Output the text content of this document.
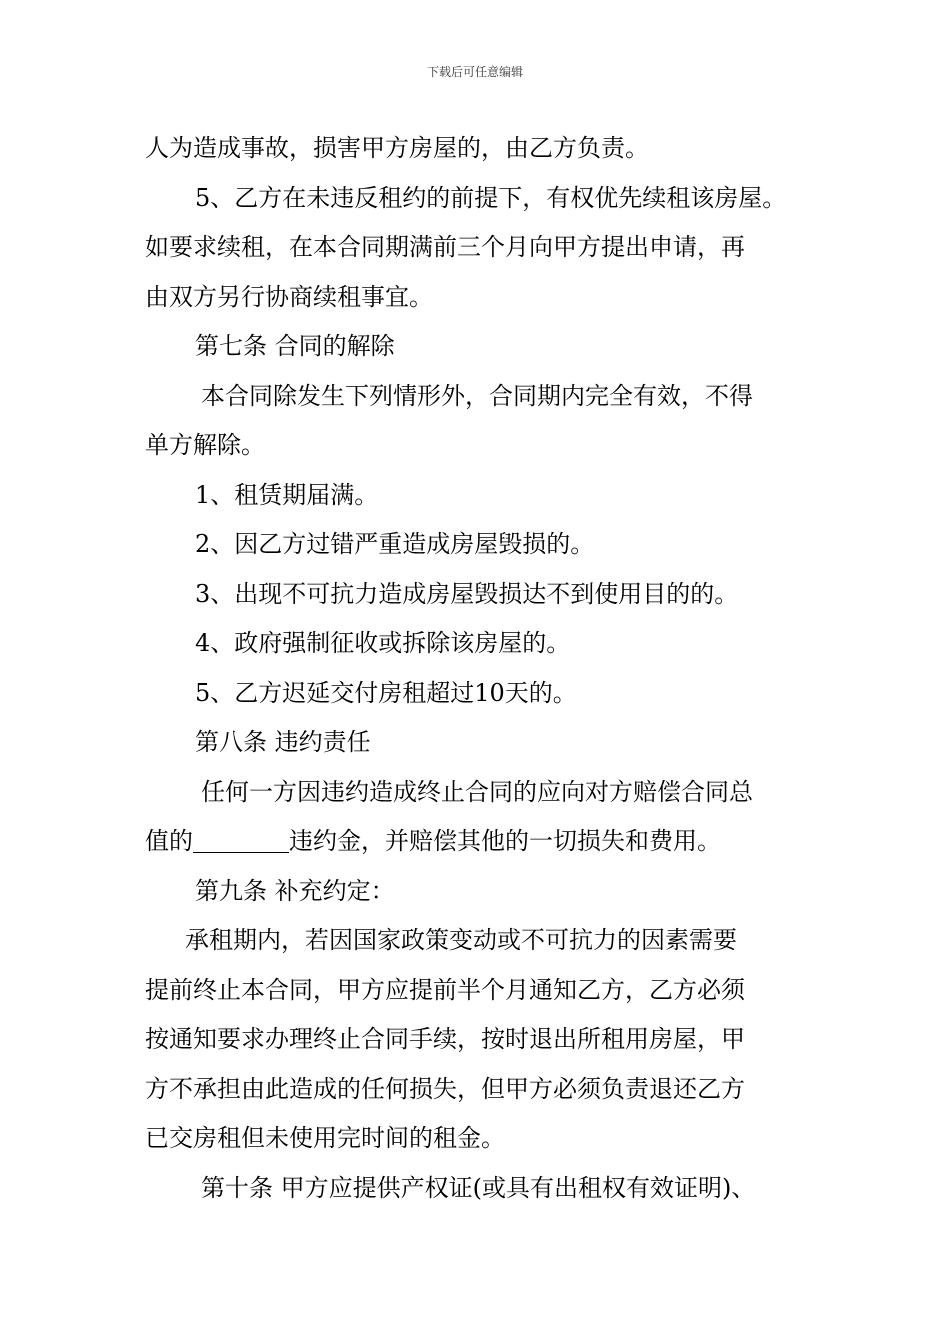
下载后可任意编辑
人为造成事故，损害甲方房屋的，由乙方负责。
5、乙方在未违反租约的前提下，有权优先续租该房屋。
如要求续租，在本合同期满前三个月向甲方提出申请，再
由双方另行协商续租事宜。
第七条 合同的解除
本合同除发生下列情形外，合同期内完全有效，不得
单方解除。
1、租赁期届满。
2、因乙方过错严重造成房屋毁损的。
3、出现不可抗力造成房屋毁损达不到使用目的的。
4、政府强制征收或拆除该房屋的。
5、乙方迟延交付房租超过10天的。
第八条 违约责任
任何一方因违约造成终止合同的应向对方赔偿合同总
值的	违约金，并赔偿其他的一切损失和费用。
第九条 补充约定：
承租期内，若因国家政策变动或不可抗力的因素需要
提前终止本合同，甲方应提前半个月通知乙方，乙方必须
按通知要求办理终止合同手续，按时退出所租用房屋，甲
方不承担由此造成的任何损失，但甲方必须负责退还乙方
已交房租但未使用完时间的租金。
第十条 甲方应提供产权证(或具有出租权有效证明)、
